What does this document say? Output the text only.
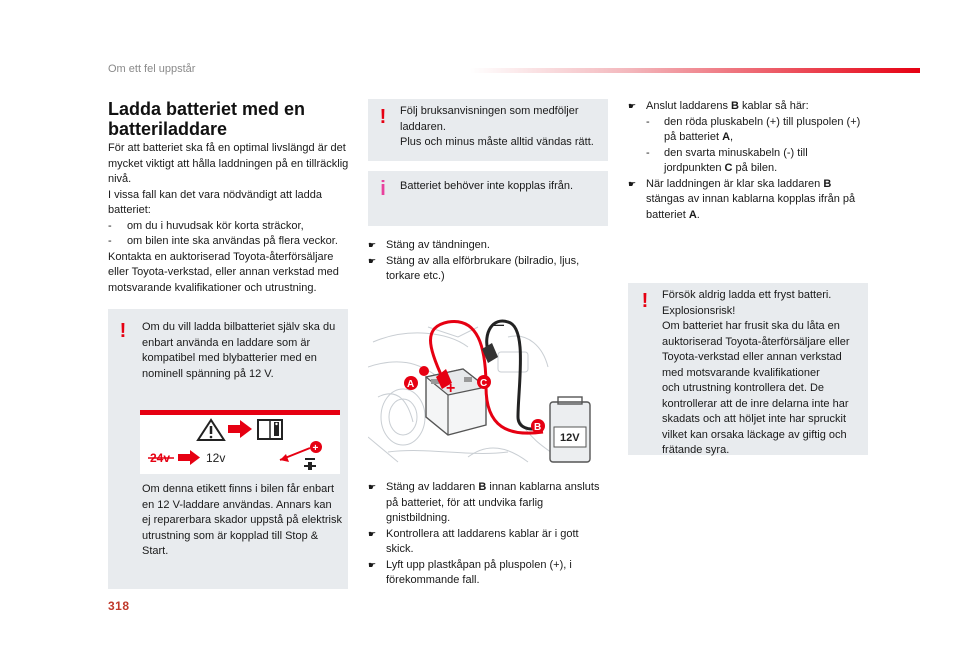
Om ett fel uppstår
Ladda batteriet med en
batteriladdare

För att batteriet ska få en optimal livslängd är det mycket viktigt att hålla laddningen på en tillräcklig nivå.

I vissa fall kan det vara nödvändigt att ladda batteriet:

-     om du i huvudsak kör korta sträckor,

-     om bilen inte ska användas på flera veckor.

Kontakta en auktoriserad Toyota-återförsäljare eller Toyota-verkstad, eller annan verkstad med motsvarande kvalifikationer och utrustning.

! Om du vill ladda bilbatteriet själv ska du enbart använda en laddare som är kompatibel med blybatterier med en nominell spänning på 12 V.
24v	12v
+
Om denna etikett finns i bilen får enbart en 12 V-laddare användas. Annars kan ej reparerbara skador uppstå på elektrisk utrustning som är kopplad till Stop & Start.
! Följ bruksanvisningen som medföljer laddaren.
Plus och minus måste alltid vändas rätt.
i Batteriet behöver inte kopplas ifrån.
☛ Stäng av tändningen.
☛ Stäng av alla elförbrukare (bilradio, ljus, torkare etc.)
+
—
A	C
B
12V
☛ Stäng av laddaren B innan kablarna ansluts på batteriet, för att undvika farlig gnistbildning.
☛ Kontrollera att laddarens kablar är i gott skick.
☛ Lyft upp plastkåpan på pluspolen (+), i förekommande fall.
☛ Anslut laddarens B kablar så här:
- den röda pluskabeln (+) till pluspolen (+) på batteriet A,
- den svarta minuskabeln (-) till jordpunkten C på bilen.
☛ När laddningen är klar ska laddaren B stängas av innan kablarna kopplas ifrån på batteriet A.
! Försök aldrig ladda ett fryst batteri.
Explosionsrisk!
Om batteriet har frusit ska du låta en auktoriserad Toyota-återförsäljare eller Toyota-verkstad eller annan verkstad med motsvarande kvalifikationer
och utrustning kontrollera det. De kontrollerar att de inre delarna inte har skadats och att höljet inte har spruckit vilket kan orsaka läckage av giftig och frätande syra.
318
